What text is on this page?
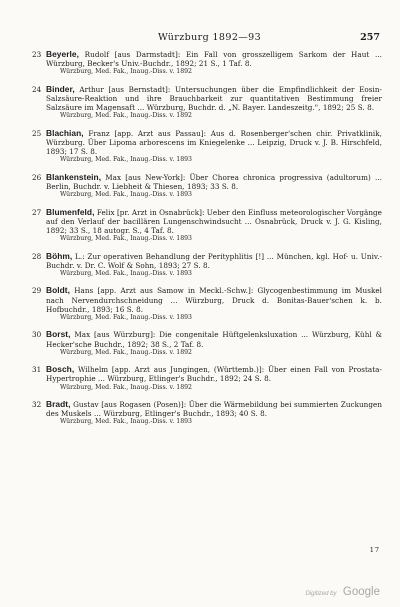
Würzburg 1892—93	257
23 Beyerle, Rudolf [aus Darmstadt]: Ein Fall von grosszelligem Sarkom der Haut ... Würzburg, Becker's Univ.-Buchdr., 1892; 21 S., 1 Taf. 8.
Würzburg, Med. Fak., Inaug.-Diss. v. 1892
24 Binder, Arthur [aus Bernstadt]: Untersuchungen über die Empfindlichkeit der Eosin-Salzsäure-Reaktion und ihre Brauchbarkeit zur quantitativen Bestimmung freier Salzsäure im Magensaft ... Würzburg, Buchdr. d. „N. Bayer. Landeszeitg.", 1892; 25 S. 8.
Würzburg, Med. Fak., Inaug.-Diss. v. 1892
25 Blachian, Franz [app. Arzt aus Passau]: Aus d. Rosenberger'schen chir. Privatklinik, Würzburg. Über Lipoma arborescens im Kniegelenke ... Leipzig, Druck v. J. B. Hirschfeld, 1893; 17 S. 8.
Würzburg, Med. Fak., Inaug.-Diss. v. 1893
26 Blankenstein, Max [aus New-York]: Über Chorea chronica progressiva (adultorum) ... Berlin, Buchdr. v. Liebheit & Thiesen, 1893; 33 S. 8.
Würzburg, Med. Fak., Inaug.-Diss. v. 1893
27 Blumenfeld, Felix [pr. Arzt in Osnabrück]: Ueber den Einfluss meteorologischer Vorgänge auf den Verlauf der bacillären Lungenschwindsucht ... Osnabrück, Druck v. J. G. Kisling, 1892; 33 S., 18 autogr. S., 4 Taf. 8.
Würzburg, Med. Fak., Inaug.-Diss. v. 1893
28 Böhm, L.: Zur operativen Behandlung der Perityphlitis [!] ... München, kgl. Hof- u. Univ.-Buchdr. v. Dr. C. Wolf & Sohn, 1893; 27 S. 8.
Würzburg, Med. Fak., Inaug.-Diss. v. 1893
29 Boldt, Hans [app. Arzt aus Samow in Meckl.-Schw.]: Glycogenbestimmung im Muskel nach Nervendurchschneidung ... Würzburg, Druck d. Bonitas-Bauer'schen k. b. Hofbuchdr., 1893; 16 S. 8.
Würzburg, Med. Fak., Inaug.-Diss. v. 1893
30 Borst, Max [aus Würzburg]: Die congenitale Hüftgelenksluxation ... Würzburg, Kühl & Hecker'sche Buchdr., 1892; 38 S., 2 Taf. 8.
Würzburg, Med. Fak., Inaug.-Diss. v. 1892
31 Bosch, Wilhelm [app. Arzt aus Jungingen, (Württemb.)]: Über einen Fall von Prostata-Hypertrophie ... Würzburg, Etlinger's Buchdr., 1892; 24 S. 8.
Würzburg, Med. Fak., Inaug.-Diss. v. 1892
32 Bradt, Gustav [aus Rogasen (Posen)]: Über die Wärmebildung bei summierten Zuckungen des Muskels ... Würzburg, Etlinger's Buchdr., 1893; 40 S. 8.
Würzburg, Med. Fak., Inaug.-Diss. v. 1893
17
Digitized by Google
